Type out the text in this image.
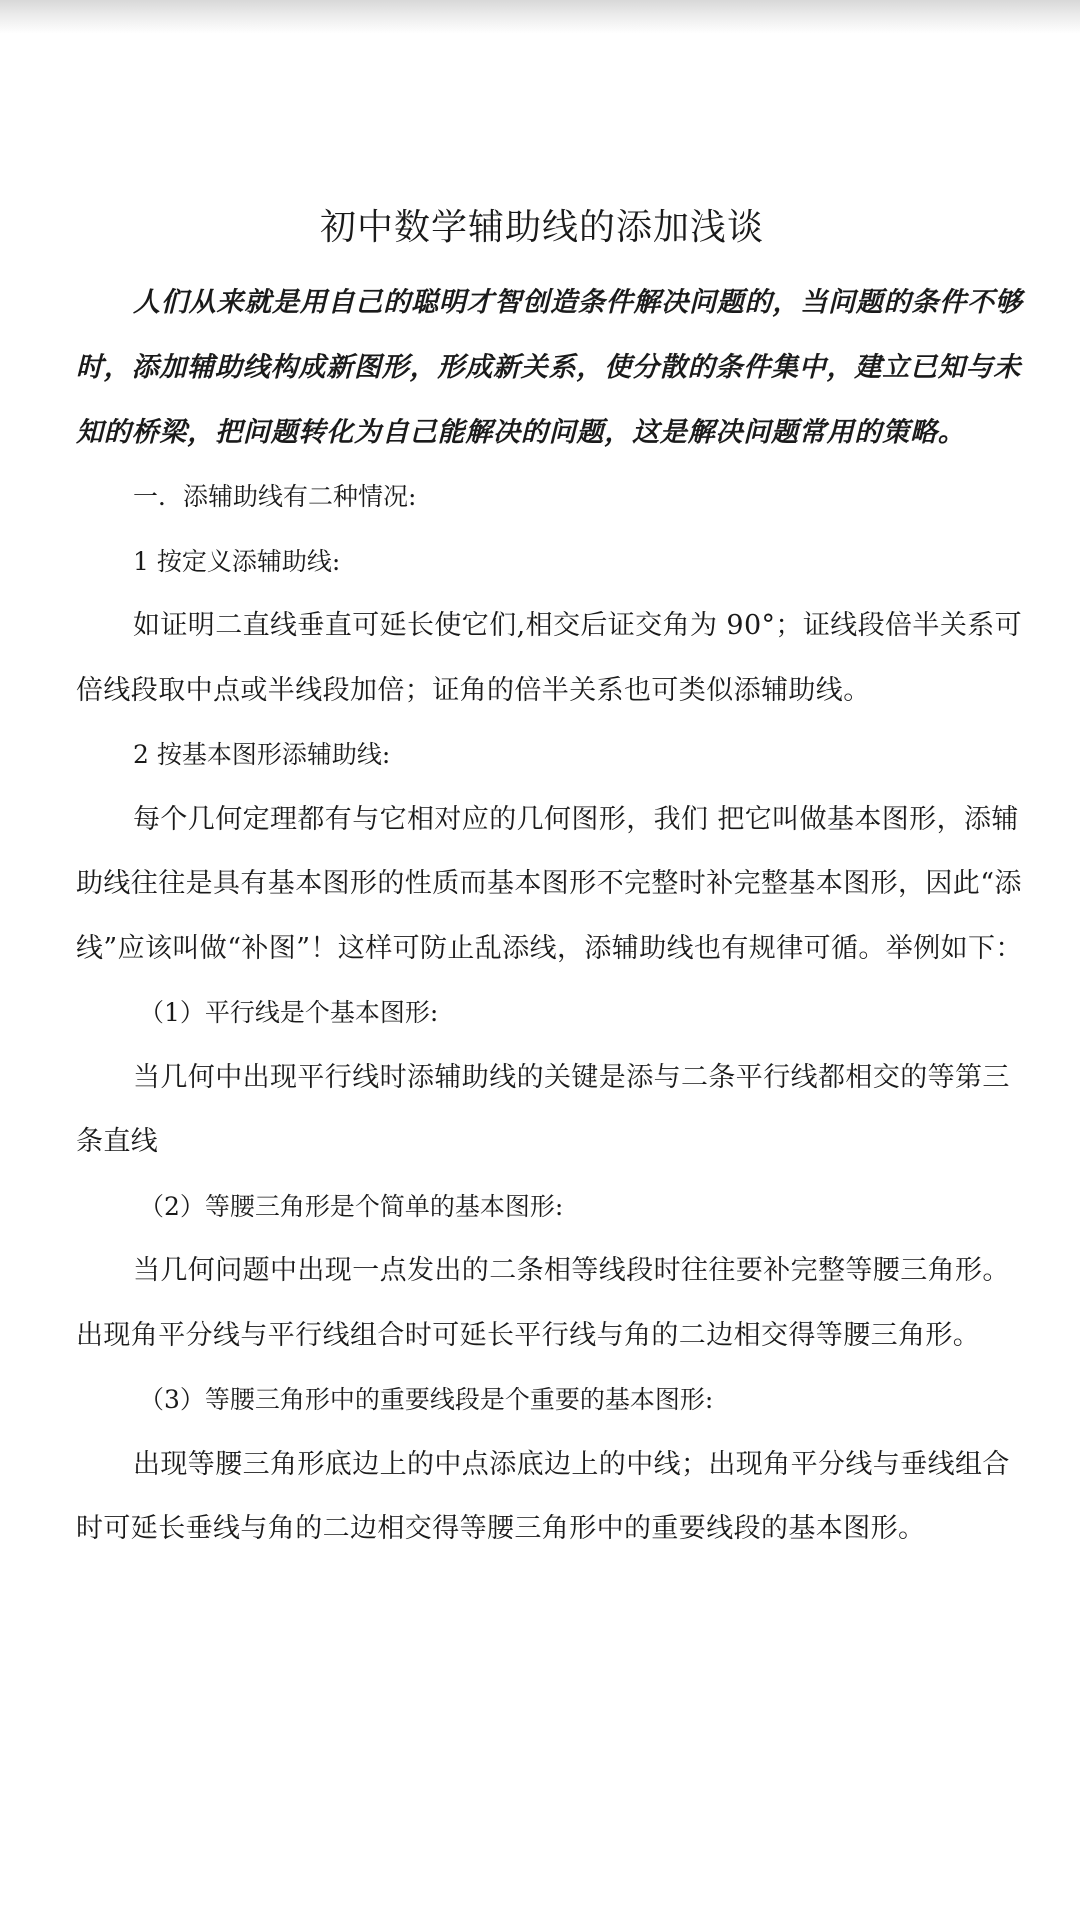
初中数学辅助线的添加浅谈

人们从来就是用自己的聪明才智创造条件解决问题的，当问题的条件不够时，添加辅助线构成新图形，形成新关系，使分散的条件集中，建立已知与未知的桥梁，把问题转化为自己能解决的问题，这是解决问题常用的策略。

一．添辅助线有二种情况:

1 按定义添辅助线:

如证明二直线垂直可延长使它们,相交后证交角为 90°；证线段倍半关系可倍线段取中点或半线段加倍；证角的倍半关系也可类似添辅助线。

2 按基本图形添辅助线:

每个几何定理都有与它相对应的几何图形，我们 把它叫做基本图形，添辅助线往往是具有基本图形的性质而基本图形不完整时补完整基本图形，因此“添线”应该叫做“补图”！这样可防止乱添线，添辅助线也有规律可循。举例如下：

（1）平行线是个基本图形:

当几何中出现平行线时添辅助线的关键是添与二条平行线都相交的等第三条直线

（2）等腰三角形是个简单的基本图形:

当几何问题中出现一点发出的二条相等线段时往往要补完整等腰三角形。出现角平分线与平行线组合时可延长平行线与角的二边相交得等腰三角形。

（3）等腰三角形中的重要线段是个重要的基本图形:

出现等腰三角形底边上的中点添底边上的中线；出现角平分线与垂线组合时可延长垂线与角的二边相交得等腰三角形中的重要线段的基本图形。
